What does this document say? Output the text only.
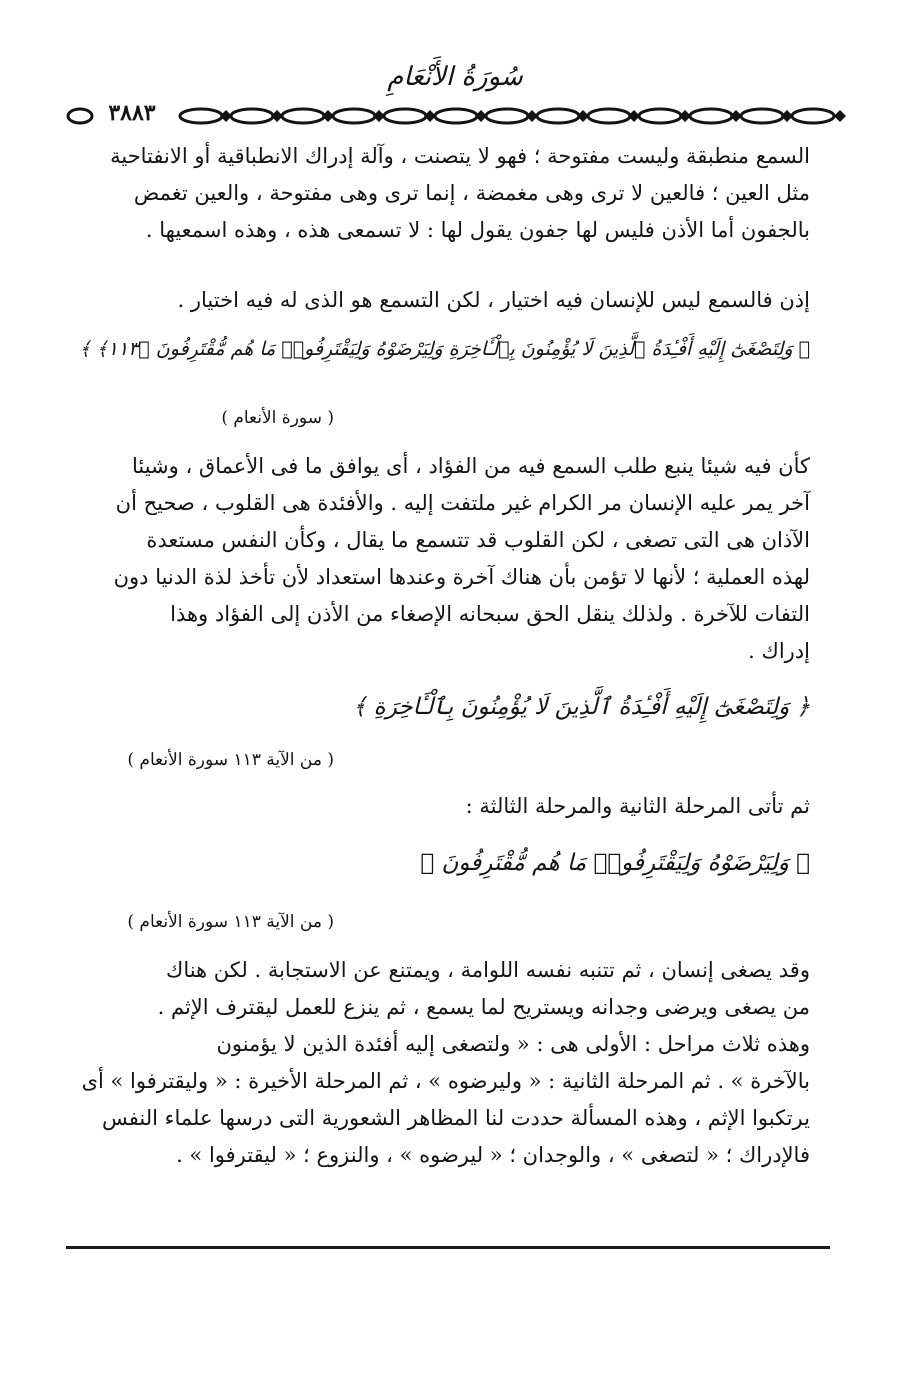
سُورَةُ الأَنْعَامِ
٣٨٨٣
السمع منطبقة وليست مفتوحة ؛ فهو لا يتصنت ، وآلة إدراك الانطباقية أو الانفتاحية
مثل العين ؛ فالعين لا ترى وهى مغمضة ، إنما ترى وهى مفتوحة ، والعين تغمض
بالجفون أما الأذن فليس لها جفون يقول لها : لا تسمعى هذه ، وهذه اسمعيها .
إذن فالسمع ليس للإنسان فيه اختيار ، لكن التسمع هو الذى له فيه اختيار .
﴿ وَلِتَصْغَىٰٓ إِلَيْهِ أَفْـِٔدَةُ ٱلَّذِينَ لَا يُؤْمِنُونَ بِٱلْـَٔاخِرَةِ وَلِيَرْضَوْهُ وَلِيَقْتَرِفُوا۟ مَا هُم مُّقْتَرِفُونَ ﴿١١٣﴾ ﴾
( سورة الأنعام )
كأن فيه شيئا ينبع طلب السمع فيه من الفؤاد ، أى يوافق ما فى الأعماق ، وشيئا
آخر يمر عليه الإنسان مر الكرام غير ملتفت إليه . والأفئدة هى القلوب ، صحيح أن
الآذان هى التى تصغى ، لكن القلوب قد تتسمع ما يقال ، وكأن النفس مستعدة
لهذه العملية ؛ لأنها لا تؤمن بأن هناك آخرة وعندها استعداد لأن تأخذ لذة الدنيا دون
التفات للآخرة . ولذلك ينقل الحق سبحانه الإصغاء من الأذن إلى الفؤاد وهذا
إدراك .
﴿ وَلِتَصْغَىٰٓ إِلَيْهِ أَفْـِٔدَةُ ٱلَّذِينَ لَا يُؤْمِنُونَ بِٱلْـَٔاخِرَةِ ﴾
( من الآية ١١٣ سورة الأنعام )
ثم تأتى المرحلة الثانية والمرحلة الثالثة :
﴿ وَلِيَرْضَوْهُ وَلِيَقْتَرِفُوا۟ مَا هُم مُّقْتَرِفُونَ ﴾
( من الآية ١١٣ سورة الأنعام )
وقد يصغى إنسان ، ثم تتنبه نفسه اللوامة ، ويمتنع عن الاستجابة . لكن هناك
من يصغى ويرضى وجدانه ويستريح لما يسمع ، ثم ينزع للعمل ليقترف الإثم .
وهذه ثلاث مراحل : الأولى هى : « ولتصغى إليه أفئدة الذين لا يؤمنون
بالآخرة » . ثم المرحلة الثانية : « وليرضوه » ، ثم المرحلة الأخيرة : « وليقترفوا » أى
يرتكبوا الإثم ، وهذه المسألة حددت لنا المظاهر الشعورية التى درسها علماء النفس
فالإدراك ؛ « لتصغى » ، والوجدان ؛ « ليرضوه » ، والنزوع ؛ « ليقترفوا » .
